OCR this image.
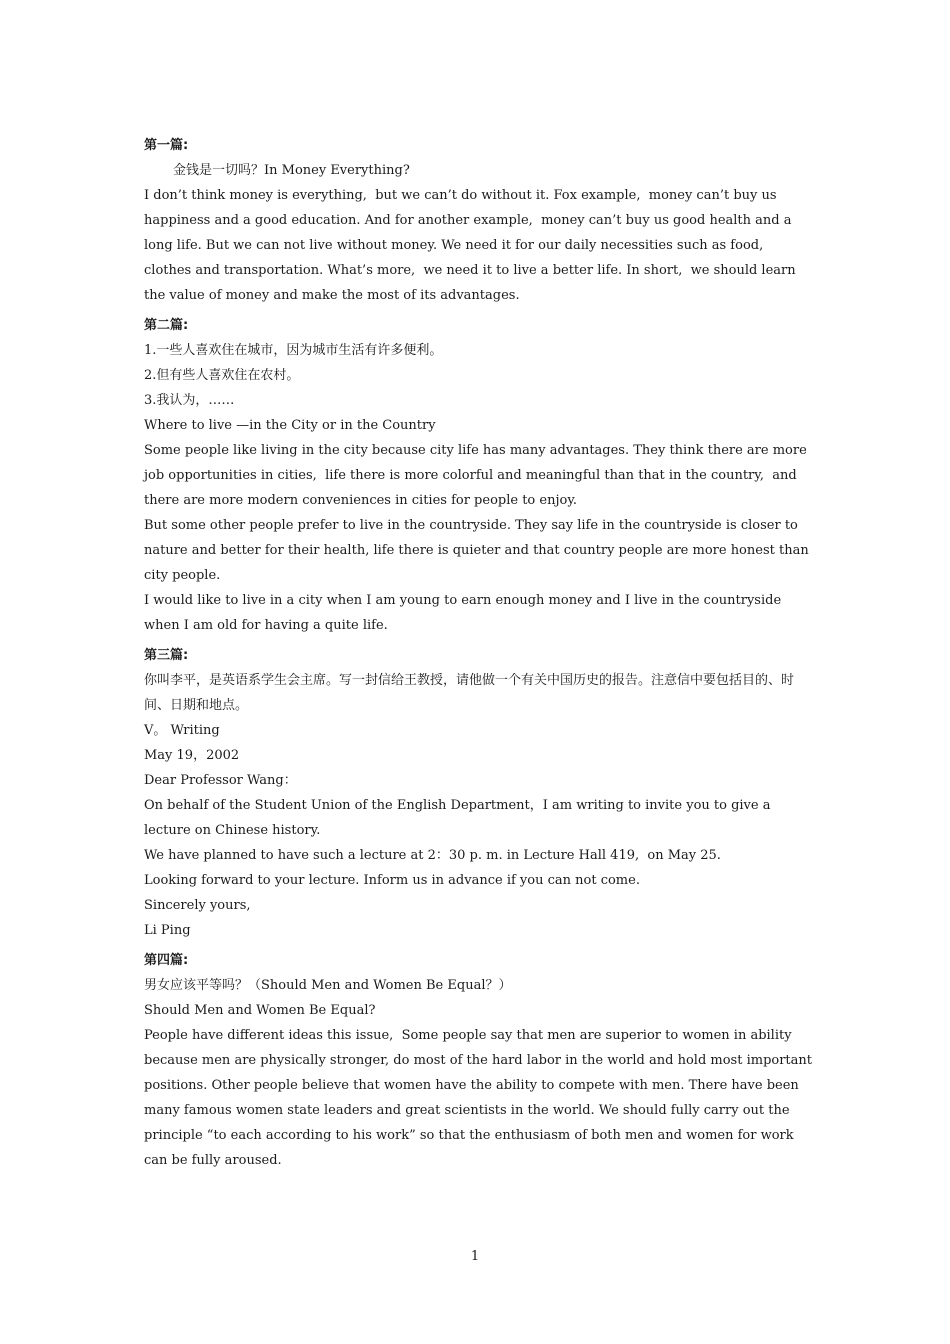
第一篇:
金钱是一切吗？In Money Everything?
I don’t think money is everything,  but we can’t do without it. Fox example,  money can’t buy us happiness and a good education. And for another example,  money can’t buy us good health and a long life. But we can not live without money. We need it for our daily necessities such as food,  clothes and transportation. What’s more,  we need it to live a better life. In short,  we should learn the value of money and make the most of its advantages.
第二篇:
1.一些人喜欢住在城市，因为城市生活有许多便利。
2.但有些人喜欢住在农村。
3.我认为，……
Where to live —in the City or in the Country
Some people like living in the city because city life has many advantages. They think there are more job opportunities in cities,  life there is more colorful and meaningful than that in the country,  and there are more modern conveniences in cities for people to enjoy.
But some other people prefer to live in the countryside. They say life in the countryside is closer to nature and better for their health, life there is quieter and that country people are more honest than city people.
I would like to live in a city when I am young to earn enough money and I live in the countryside when I am old for having a quite life.
第三篇:
你叫李平，是英语系学生会主席。写一封信给王教授，请他做一个有关中国历史的报告。注意信中要包括目的、时间、日期和地点。
Ⅴ。 Writing
May 19，2002
Dear Professor Wang：
On behalf of the Student Union of the English Department，I am writing to invite you to give a lecture on Chinese history.
We have planned to have such a lecture at 2：30 p. m. in Lecture Hall 419,  on May 25.
Looking forward to your lecture. Inform us in advance if you can not come.
Sincerely yours,
Li Ping
第四篇:
男女应该平等吗？（Should Men and Women Be Equal？）
Should Men and Women Be Equal?
People have different ideas this issue,  Some people say that men are superior to women in ability because men are physically stronger, do most of the hard labor in the world and hold most important positions. Other people believe that women have the ability to compete with men. There have been many famous women state leaders and great scientists in the world. We should fully carry out the principle “to each according to his work” so that the enthusiasm of both men and women for work can be fully aroused.
1
